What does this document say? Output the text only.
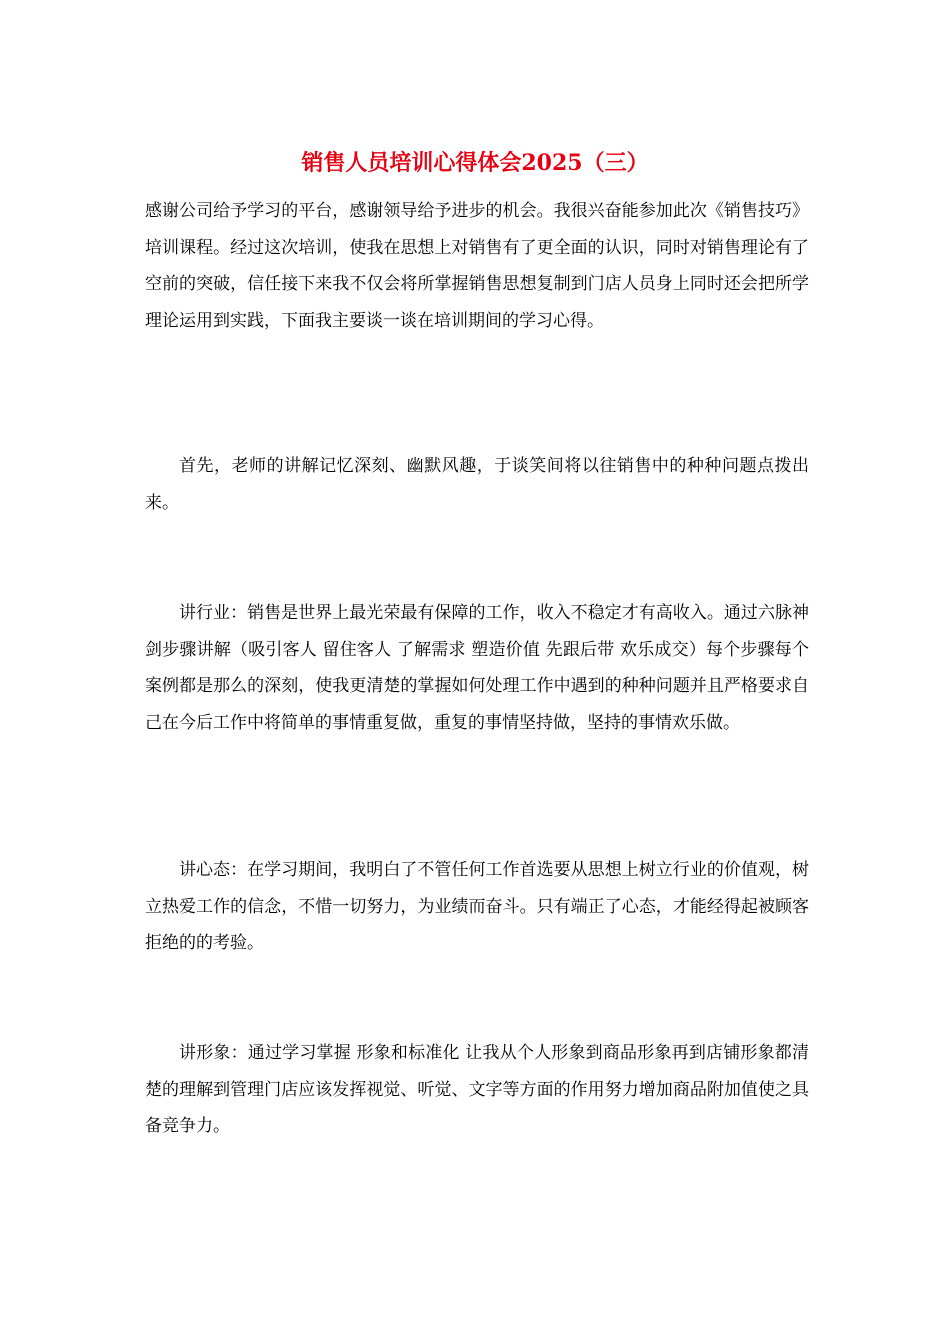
销售人员培训心得体会2025（三）

感谢公司给予学习的平台，感谢领导给予进步的机会。我很兴奋能参加此次《销售技巧》培训课程。经过这次培训，使我在思想上对销售有了更全面的认识，同时对销售理论有了空前的突破，信任接下来我不仅会将所掌握销售思想复制到门店人员身上同时还会把所学理论运用到实践，下面我主要谈一谈在培训期间的学习心得。

首先，老师的讲解记忆深刻、幽默风趣，于谈笑间将以往销售中的种种问题点拨出来。

讲行业：销售是世界上最光荣最有保障的工作，收入不稳定才有高收入。通过六脉神剑步骤讲解（吸引客人 留住客人 了解需求 塑造价值 先跟后带 欢乐成交）每个步骤每个案例都是那么的深刻，使我更清楚的掌握如何处理工作中遇到的种种问题并且严格要求自己在今后工作中将简单的事情重复做，重复的事情坚持做，坚持的事情欢乐做。

讲心态：在学习期间，我明白了不管任何工作首选要从思想上树立行业的价值观，树立热爱工作的信念，不惜一切努力，为业绩而奋斗。只有端正了心态，才能经得起被顾客拒绝的的考验。

讲形象：通过学习掌握 形象和标准化 让我从个人形象到商品形象再到店铺形象都清楚的理解到管理门店应该发挥视觉、听觉、文字等方面的作用努力增加商品附加值使之具备竞争力。
